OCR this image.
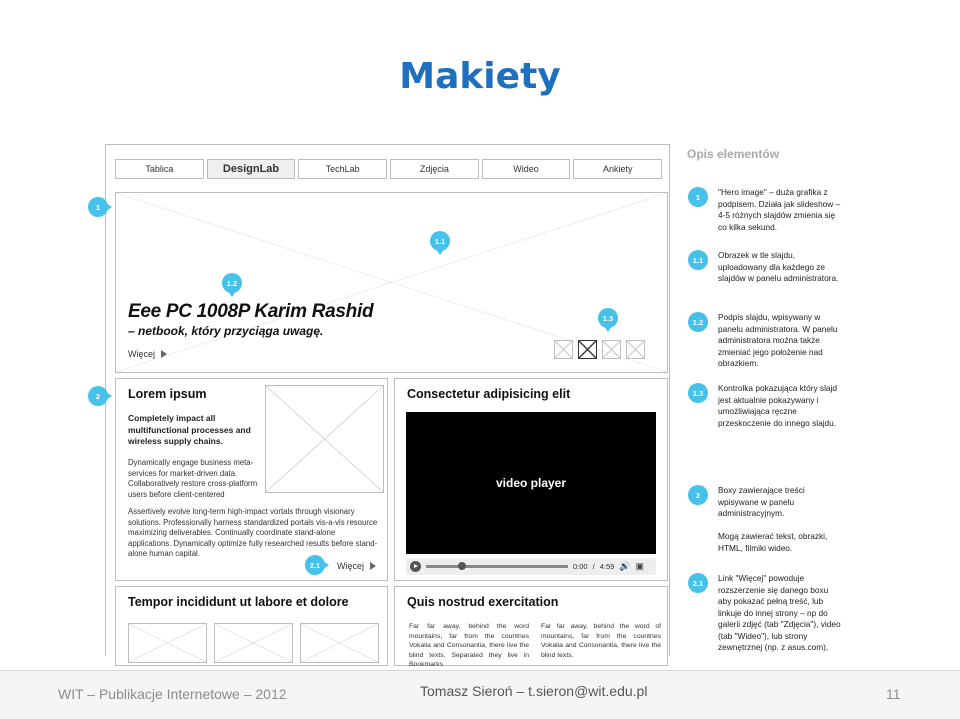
Makiety
Tablica	DesignLab	TechLab	Zdjęcia	Wideo	Ankiety
Eee PC 1008P Karim Rashid
– netbook, który przyciąga uwagę.
Więcej
Lorem ipsum
Completely impact all multifunctional processes and wireless supply chains.
Dynamically engage business meta-services for market-driven data. Collaboratively restore cross-platform users before client-centered
Assertively evolve long-term high-impact vortals through visionary solutions. Professionally harness standardized portals vis-a-vis resource maximizing deliverables. Continually coordinate stand-alone applications. Dynamically optimize fully researched results before stand-alone human capital.
Więcej
Consectetur adipisicing elit
video player
0:00 / 4:59 🔊 ▣
Tempor incididunt ut labore et dolore	Quis nostrud exercitation
Far far away, behind the word mountains, far from the countries Vokalia and Consonantia, there live the blind texts. Separated they live in Bookmarks
Far far away, behind the word of mountains, far from the countries Vokalia and Consonantia, there live the blind texts.
1
1.1
1.2
1.3
2
2.1
Opis elementów
1	"Hero image" – duża grafika z podpisem. Działa jak slideshow – 4-5 różnych slajdów zmienia się co kilka sekund.
1.1	Obrazek w tle slajdu, uploadowany dla każdego ze slajdów w panelu administratora.
1.2	Podpis slajdu, wpisywany w panelu administratora. W panelu administratora można także zmieniać jego położenie nad obrazkiem.
1.3	Kontrolka pokazująca który slajd jest aktualnie pokazywany i umożliwiająca ręczne przeskoczenie do innego slajdu.
2	Boxy zawierające treści wpisywane w panelu administracyjnym.

Mogą zawierać tekst, obrazki, HTML, filmiki wideo.
2.1	Link "Więcej" powoduje rozszerzenie się danego boxu aby pokazać pełną treść, lub linkuje do innej strony – np do galerii zdjęć (tab "Zdjęcia"), video (tab "Wideo"), lub strony zewnętrznej (np. z asus.com),
WIT – Publikacje Internetowe – 2012	Tomasz Sieroń – t.sieron@wit.edu.pl	11
